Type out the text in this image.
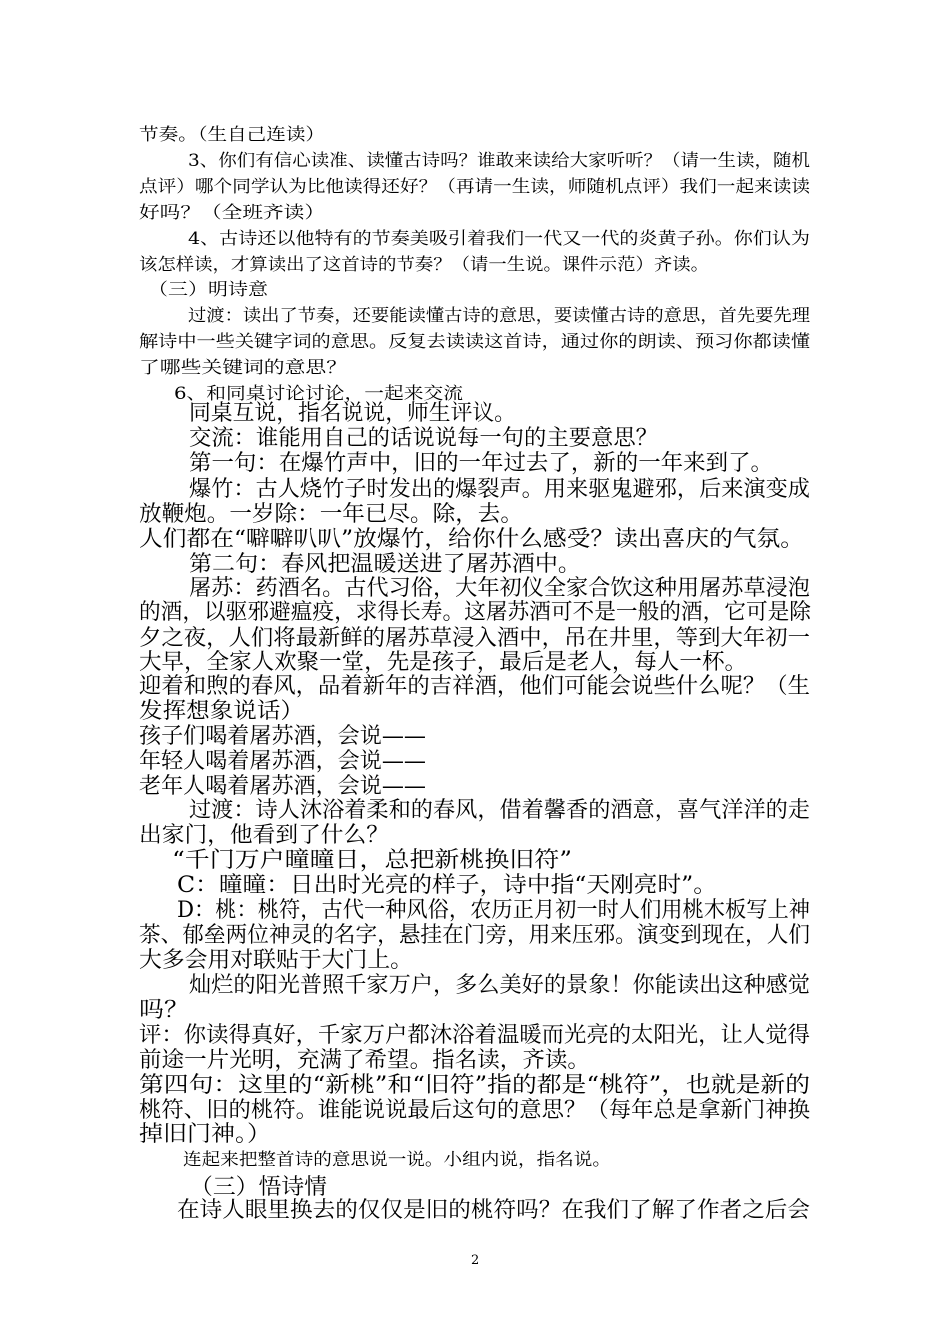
节奏。（生自己连读）
3、你们有信心读准、读懂古诗吗？谁敢来读给大家听听？（请一生读，随机
点评）哪个同学认为比他读得还好？（再请一生读，师随机点评）我们一起来读读
好吗？（全班齐读）
4、古诗还以他特有的节奏美吸引着我们一代又一代的炎黄子孙。你们认为
该怎样读，才算读出了这首诗的节奏？（请一生说。课件示范）齐读。
（三）明诗意
过渡：读出了节奏，还要能读懂古诗的意思，要读懂古诗的意思，首先要先理
解诗中一些关键字词的意思。反复去读读这首诗，通过你的朗读、预习你都读懂
了哪些关键词的意思？
6、和同桌讨论讨论，一起来交流
同桌互说，指名说说，师生评议。
交流：谁能用自己的话说说每一句的主要意思？
第一句：在爆竹声中，旧的一年过去了，新的一年来到了。
爆竹：古人烧竹子时发出的爆裂声。用来驱鬼避邪，后来演变成
放鞭炮。一岁除：一年已尽。除，去。
人们都在“噼噼叭叭”放爆竹，给你什么感受？读出喜庆的气氛。
第二句：春风把温暖送进了屠苏酒中。
屠苏：药酒名。古代习俗，大年初仪全家合饮这种用屠苏草浸泡
的酒，以驱邪避瘟疫，求得长寿。这屠苏酒可不是一般的酒，它可是除
夕之夜，人们将最新鲜的屠苏草浸入酒中，吊在井里，等到大年初一
大早，全家人欢聚一堂，先是孩子，最后是老人，每人一杯。
迎着和煦的春风，品着新年的吉祥酒，他们可能会说些什么呢？（生
发挥想象说话）
孩子们喝着屠苏酒，会说——
年轻人喝着屠苏酒，会说——
老年人喝着屠苏酒，会说——
过渡：诗人沐浴着柔和的春风，借着馨香的酒意，喜气洋洋的走
出家门，他看到了什么？
“千门万户曈曈日，总把新桃换旧符”
C：曈曈：日出时光亮的样子，诗中指“天刚亮时”。
D：桃：桃符，古代一种风俗，农历正月初一时人们用桃木板写上神
茶、郁垒两位神灵的名字，悬挂在门旁，用来压邪。演变到现在，人们
大多会用对联贴于大门上。
灿烂的阳光普照千家万户，多么美好的景象！你能读出这种感觉
吗？
评：你读得真好，千家万户都沐浴着温暖而光亮的太阳光，让人觉得
前途一片光明，充满了希望。指名读，齐读。
第四句：这里的“新桃”和“旧符”指的都是“桃符”，也就是新的
桃符、旧的桃符。谁能说说最后这句的意思？（每年总是拿新门神换
掉旧门神。）
连起来把整首诗的意思说一说。小组内说，指名说。
（三）悟诗情
在诗人眼里换去的仅仅是旧的桃符吗？在我们了解了作者之后会
2
